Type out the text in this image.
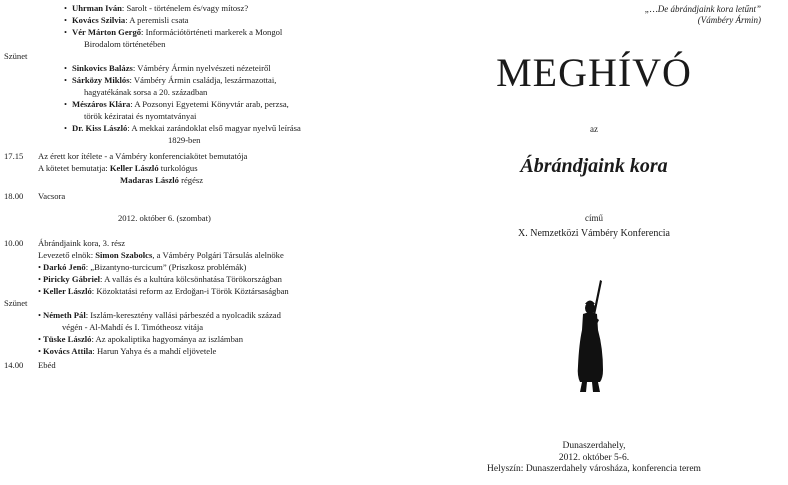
• Uhrman Iván: Sarolt - történelem és/vagy mítosz?
• Kovács Szilvia: A peremisli csata
• Vér Márton Gergő: Információtörténeti markerek a Mongol
Birodalom történetében
Szünet
• Sinkovics Balázs: Vámbéry Ármin nyelvészeti nézeteiről
• Sárközy Miklós: Vámbéry Ármin családja, leszármazottai,
hagyatékának sorsa a 20. században
• Mészáros Klára: A Pozsonyi Egyetemi Könyvtár arab, perzsa,
török kéziratai és nyomtatványai
• Dr. Kiss László: A mekkai zarándoklat első magyar nyelvű leírása
1829-ben
17.15 Az érett kor ítélete - a Vámbéry konferenciakötet bemutatója
A kötetet bemutatja: Keller László turkológus
Madaras László régész
18.00 Vacsora
2012. október 6. (szombat)
10.00 Ábrándjaink kora, 3. rész
Levezető elnök: Simon Szabolcs, a Vámbéry Polgári Társulás alelnöke
• Darkó Jenő: „Bizantyno-turcicum” (Priszkosz problémák)
• Piricky Gábriel: A vallás és a kultúra kölcsönhatása Törökországban
• Keller László: Közoktatási reform az Erdoğan-i Török Köztársaságban
Szünet
• Németh Pál: Iszlám-keresztény vallási párbeszéd a nyolcadik század
végén - Al-Mahdí és I. Timótheosz vitája
• Tüske László: Az apokaliptika hagyománya az iszlámban
• Kovács Attila: Harun Yahya és a mahdí eljövetele
14.00 Ebéd
„…De ábrándjaink kora letűnt”
(Vámbéry Ármin)
MEGHÍVÓ
az
Ábrándjaink kora
című
X. Nemzetközi Vámbéry Konferencia
Dunaszerdahely,
2012. október 5-6.
Helyszín: Dunaszerdahely városháza, konferencia terem
